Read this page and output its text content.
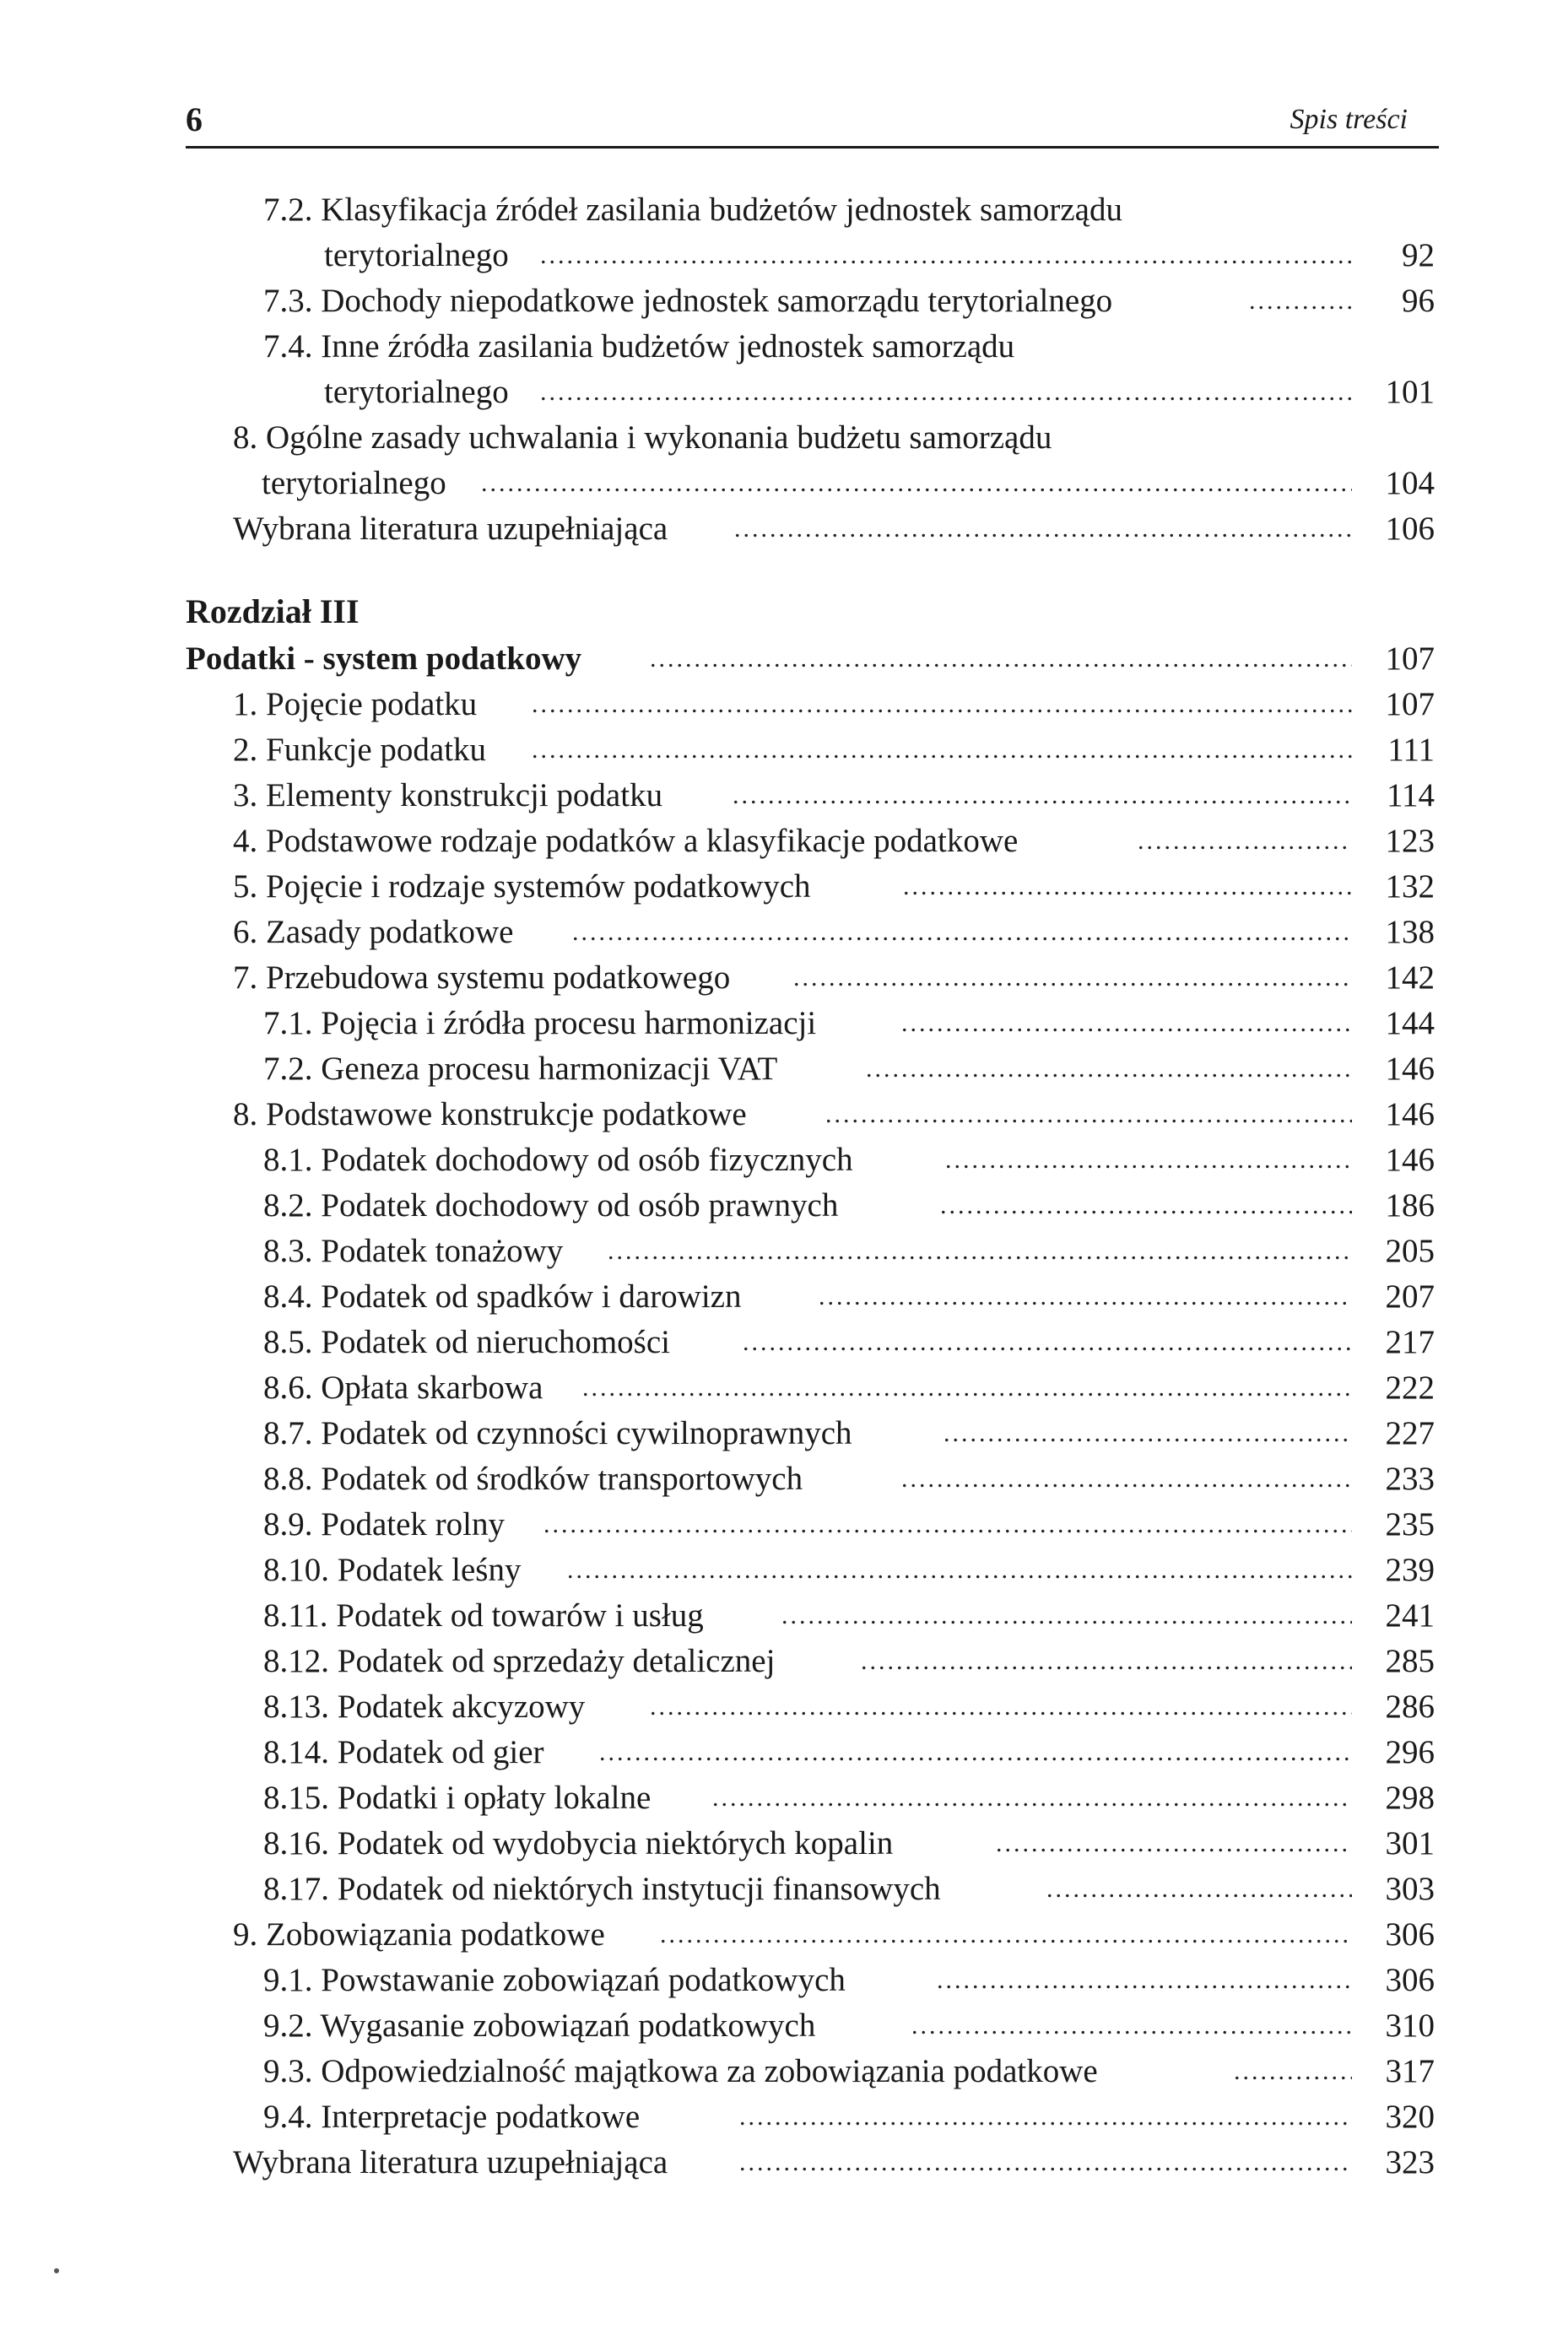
6	Spis treści
7.2. Klasyfikacja źródeł zasilania budżetów jednostek samorządu
terytorialnego .....	92
7.3. Dochody niepodatkowe jednostek samorządu terytorialnego .....	96
7.4. Inne źródła zasilania budżetów jednostek samorządu
terytorialnego .....	101
8. Ogólne zasady uchwalania i wykonania budżetu samorządu
terytorialnego .....	104
Wybrana literatura uzupełniająca .....	106
Rozdział III
Podatki - system podatkowy .....	107
1. Pojęcie podatku .....	107
2. Funkcje podatku .....	111
3. Elementy konstrukcji podatku .....	114
4. Podstawowe rodzaje podatków a klasyfikacje podatkowe .....	123
5. Pojęcie i rodzaje systemów podatkowych .....	132
6. Zasady podatkowe .....	138
7. Przebudowa systemu podatkowego .....	142
7.1. Pojęcia i źródła procesu harmonizacji .....	144
7.2. Geneza procesu harmonizacji VAT .....	146
8. Podstawowe konstrukcje podatkowe .....	146
8.1. Podatek dochodowy od osób fizycznych .....	146
8.2. Podatek dochodowy od osób prawnych .....	186
8.3. Podatek tonażowy .....	205
8.4. Podatek od spadków i darowizn .....	207
8.5. Podatek od nieruchomości .....	217
8.6. Opłata skarbowa .....	222
8.7. Podatek od czynności cywilnoprawnych .....	227
8.8. Podatek od środków transportowych .....	233
8.9. Podatek rolny .....	235
8.10. Podatek leśny .....	239
8.11. Podatek od towarów i usług .....	241
8.12. Podatek od sprzedaży detalicznej .....	285
8.13. Podatek akcyzowy .....	286
8.14. Podatek od gier .....	296
8.15. Podatki i opłaty lokalne .....	298
8.16. Podatek od wydobycia niektórych kopalin .....	301
8.17. Podatek od niektórych instytucji finansowych .....	303
9. Zobowiązania podatkowe .....	306
9.1. Powstawanie zobowiązań podatkowych .....	306
9.2. Wygasanie zobowiązań podatkowych .....	310
9.3. Odpowiedzialność majątkowa za zobowiązania podatkowe .....	317
9.4. Interpretacje podatkowe .....	320
Wybrana literatura uzupełniająca .....	323
